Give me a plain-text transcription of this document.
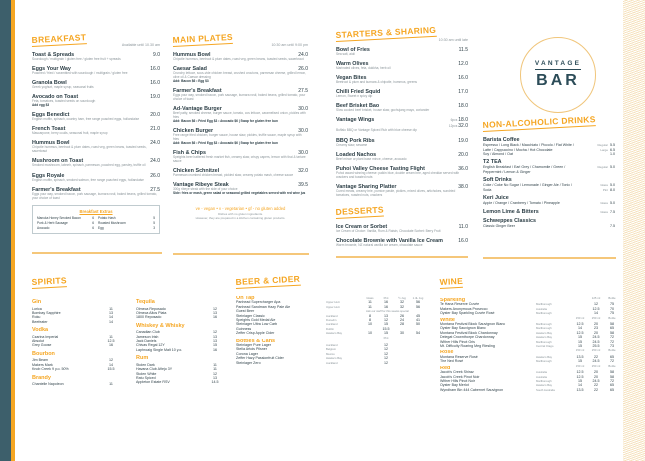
BREAKFAST	Available until 10.30 am
Toast & Spreads	9.0
Sourdough / multigrain / gluten free / gluten free fruit + spreads
Eggs Your Way	16.0
Poached / fried / scrambled with sourdough / multigrain / gluten free
Granola Bowl	16.0
Greek yoghurt, maple syrup, seasonal fruits
Avocado on Toast	19.0
Feta, tomatoes, toasted seeds on sourdough
Add egg $3
Eggs Benedict	20.0
English muffin, spinach, country ham, free range poached eggs, hollandaise
French Toast	21.0
Mascarpone, berry coulis, seasonal fruit, maple syrup
Hummus Bowl	24.0
Chipotle hummus, beetroot & plum dates, roast veg, green beans, toasted seeds, sauerkraut
Mushroom on Toast	24.0
Smoked mushroom, labneh, spinach, parmesan, poached egg, parsley, truffle oil
Eggs Royale	26.0
English muffin, spinach, smoked salmon, free range poached eggs, hollandaise
Farmer's Breakfast	27.5
Eggs your way, smoked bacon, pork sausage, kumara rosti, baked beans, grilled tomato, your choice of toast
Breakfast Extras
Manuka Honey Smoked Bacon	6 Potato Hash	5
Pork & Herb Sausage	6 Roasted Mushroom	5
Avocado	6 Egg	3
MAIN PLATES	10:30 am until 9:00 pm
Hummus Bowl	24.0
Chipotle hummus, beetroot & plum dates, roast veg, green beans, toasted seeds, sauerkraut
Caesar Salad	26.0
Crunchy lettuce, sous-vide chicken breast, crushed croutons, parmesan cheese, grilled lemon, olive oil & Caesar dressing
Add: Bacon $6 • Egg $3
Farmer's Breakfast	27.5
Eggs your way, smoked bacon, pork sausage, kumara rosti, baked beans, grilled tomato, your choice of toast
Ad-Vantage Burger	30.0
Beef patty, smoked cheese, burger sauce, tomato, cos lettuce, caramelised onion, pickles with fries
Add: Bacon $6 • Fried Egg $3 • Avocado $6 | Swap for gluten free bun
Chicken Burger	30.0
Free range fried chicken, burger sauce, house slaw, pickles, truffle sauce, maple syrup with fries
Add: Bacon $6 • Fried Egg $3 • Avocado $6 | Swap for gluten free bun
Fish & Chips	30.0
Speights beer battered fresh market fish, creamy slaw, crispy capers, lemon with thai & tartare sauce
Chicken Schnitzel	32.0
Parmesan crumbed chicken breast, pickled slaw, creamy potato mash, cheese sauce
Vantage Ribeye Steak	39.5
300g ribeye steak with the side of your choice
Side: fries or mash, green salad or seasonal grilled vegetables served with red wine jus
ve - vegan • v - vegetarian • gf - no gluten added
Dishes with no gluten ingredients.
However, they are prepared in a kitchen containing gluten products.
STARTERS & SHARING 10:30 am until late
Bowl of Fries	11.5
Sea salt, aioli
Warm Olives	12.0
Marinated olives, feta, dukkha, herb oil
Vegan Bites	16.0
Beetroot & plum and kumara & chipotle, hummus, greens
Chilli Fried Squid	17.0
Lemon, Sweet n spicy dip
Beef Brisket Bao	18.0
Slow cooked beef brisket, house slaw, gochujang mayo, coriander
Vantage Wings	6pcs 18.0
12pcs 32.0
Buffalo BBQ or Vantage Spiced Rub with blue cheese dip
BBQ Pork Ribs	19.0
Creamy slaw, sesame
Loaded Nachos	20.0
Beef mince or plant base mince, cheese, avocado
Puhoi Valley Cheese Tasting Flight	36.0
Puhoi award winning cheese: paikin blue, double cream brie, aged cheddar served with crackers and toasted nuts
Vantage Sharing Platter	38.0
Cured meats, creamy brie, pumice pastie, pickles, mixed olives, artichokes, sundried tomatoes, roasted nuts, crackers
DESSERTS
Ice Cream or Sorbet	11.0
Ice Cream of Choice: Vanilla, Rum & Raisin, Chocolate Sorbet: Berry Fruit
Chocolate Brownie with Vanilla Ice Cream	16.0
Warm brownie, NZ natural vanilla ice cream, chocolate sauce
VANTAGE
BAR
NON-ALCOHOLIC DRINKS
Barista Coffee
Espresso / Long Black / Macchiato / Piccolo / Flat White / Latte / Cappuccino / Mocha / Hot Chocolate
Regular 5.5
Large 6.5
Soy / Almond / Oat	1.0
T2 TEA
English Breakfast / Earl Grey / Chamomile / Green / Peppermint / Lemon & Ginger
Regular 5.0
Soft Drinks
Coke / Coke No Sugar / Lemonade / Ginger Ale / Tonic / Soda
Glass 5.0
Pint 8.0
Keri Juice
Apple / Orange / Cranberry / Tomato / Pineapple	Glass 5.0
Lemon Lime & Bitters	Glass 7.5
Schweppes Classics
Classic Ginger Beer	7.5
SPIRITS
Gin
Lorica	11
Bombay Sapphire	13
Roku	14
Beefeater	14
Vodka
Czarina Imperial	11
Absolut	12.5
Grey Goose	16
Bourbon
Jim Beam	12
Makers Mark	14
Knob Creek 9 y.o. 50%	15.5
Brandy
Chantelle Napoleon	11
Tequila
Olmeca Reposado	12
Olmeca Altos Plata	13
1800 Reposado	16
Whiskey & Whisky
Canadian Club	12
Jameson Irish	13
Jack Daniels	13
Chivas Regal 12Y	15
Laphroaig Single Malt 10 y.o.	16
Rum
Stolen Dark	11
Havana Club Añejo 3Y	11
Stolen White	12
Ratu Spiced	13
Appleton Estate RSV	14.5
BEER & CIDER
On Tap	Glass	Pint	½ Jug	1.4L Jug
Panhead Supercharger Apa	Upper Hutt	11	16	32	56
Panhead Sandman Hazy Pale Ale	Upper Hutt	11	16	32	56
Guest Beer	Ask our staff for this weeks special
Steinlager Classic	Auckland	8	13	26	45
Speights Gold Medal Ale	Dunedin	8	12	24	41
Steinlager Ultra Low Carb	Auckland	10	15	28	50
Guinness	Dublin	15.5
Zeffer Crisp Apple Cider	Hawke's Bay	10	15	30	54
Bottles & Cans	Pint
Steinlager Pure Lager	Auckland	12
Stella Artois Pilsner	Belgium	12
Corona Lager	Mexico	12
Zeffer Hazy Passionfruit Cider	Hawke's Bay	12
Steinlager Zero	Auckland	12
WINE
Sparkling	125 ml	Bottle
Te Hana Reserve Cuvée	Marlborough	12	75
Makers Anonymous Prosecco	Australia	12.5	70
Oyster Bay Sparkling Cuvée Rosé	Marlborough	14	75
White	150 ml	250 ml	Bottle
Montana Festival Block Sauvignon Blanc	Marlborough	12.5	20	58
Oyster Bay Sauvignon Blanc	Marlborough	14	23	65
Montana Festival Block Chardonnay	Hawke's Bay	12.5	20	58
Delegat Crownthorpe Chardonnay	Hawke's Bay	15	24.5	72
Wither Hills Pinot Gris	Marlborough	15	24.5	72
Mt. Difficulty Roaring Meg Riesling	Central Otago	15	25.5	73
Rosé	150 ml	250 ml	Bottle
Montana Reserve Rosé	Hawke's Bay	13.5	22	65
The Ned Rosé	Marlborough	15	24.5	72
Red	150 ml	250 ml	Bottle
Jacob's Creek Shiraz	Australia	12.5	20	58
Jacob's Creek Pinot Noir	Australia	12.5	20	58
Wither Hills Pinot Noir	Marlborough	15	24.5	72
Oyster Bay Merlot	Hawke's Bay	14	22	65
Wyndham Bin 444 Cabernet Sauvignon	South Australia	13.5	22	65
